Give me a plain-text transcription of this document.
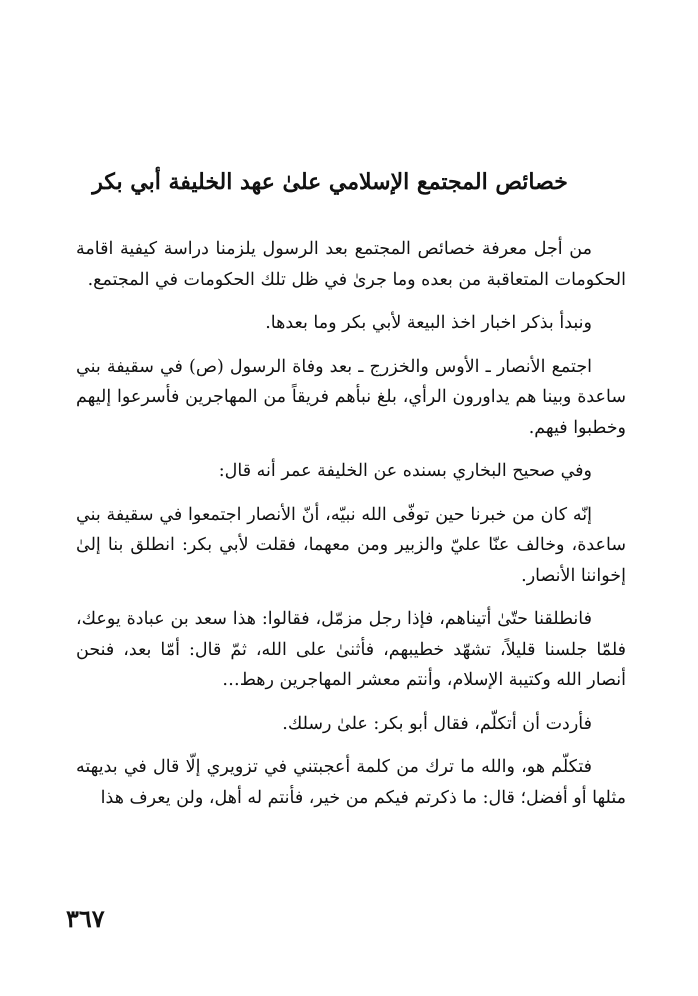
خصائص المجتمع الإسلامي علىٰ عهد الخليفة أبي بكر

من أجل معرفة خصائص المجتمع بعد الرسول يلزمنا دراسة كيفية اقامة الحكومات المتعاقبة من بعده وما جرىٰ في ظل تلك الحكومات في المجتمع.

ونبدأ بذكر اخبار اخذ البيعة لأبي بكر وما بعدها.

اجتمع الأنصار ـ الأوس والخزرج ـ بعد وفاة الرسول (ص) في سقيفة بني ساعدة وبينا هم يداورون الرأي، بلغ نبأهم فريقاً من المهاجرين فأسرعوا إليهم وخطبوا فيهم.

وفي صحيح البخاري بسنده عن الخليفة عمر أنه قال:

إنّه كان من خبرنا حين توفّى الله نبيّه، أنّ الأنصار اجتمعوا في سقيفة بني ساعدة، وخالف عنّا عليّ والزبير ومن معهما، فقلت لأبي بكر: انطلق بنا إلىٰ إخواننا الأنصار.

فانطلقنا حتّىٰ أتيناهم، فإذا رجل مزمّل، فقالوا: هذا سعد بن عبادة يوعك، فلمّا جلسنا قليلاً، تشهّد خطيبهم، فأثنىٰ على الله، ثمّ قال: أمّا بعد، فنحن أنصار الله وكتيبة الإسلام، وأنتم معشر المهاجرين رهط…

فأردت أن أتكلّم، فقال أبو بكر: علىٰ رسلك.

فتكلّم هو، والله ما ترك من كلمة أعجبتني في تزويري إلّا قال في بديهته مثلها أو أفضل؛ قال: ما ذكرتم فيكم من خير، فأنتم له أهل، ولن يعرف هذا

٣٦٧
